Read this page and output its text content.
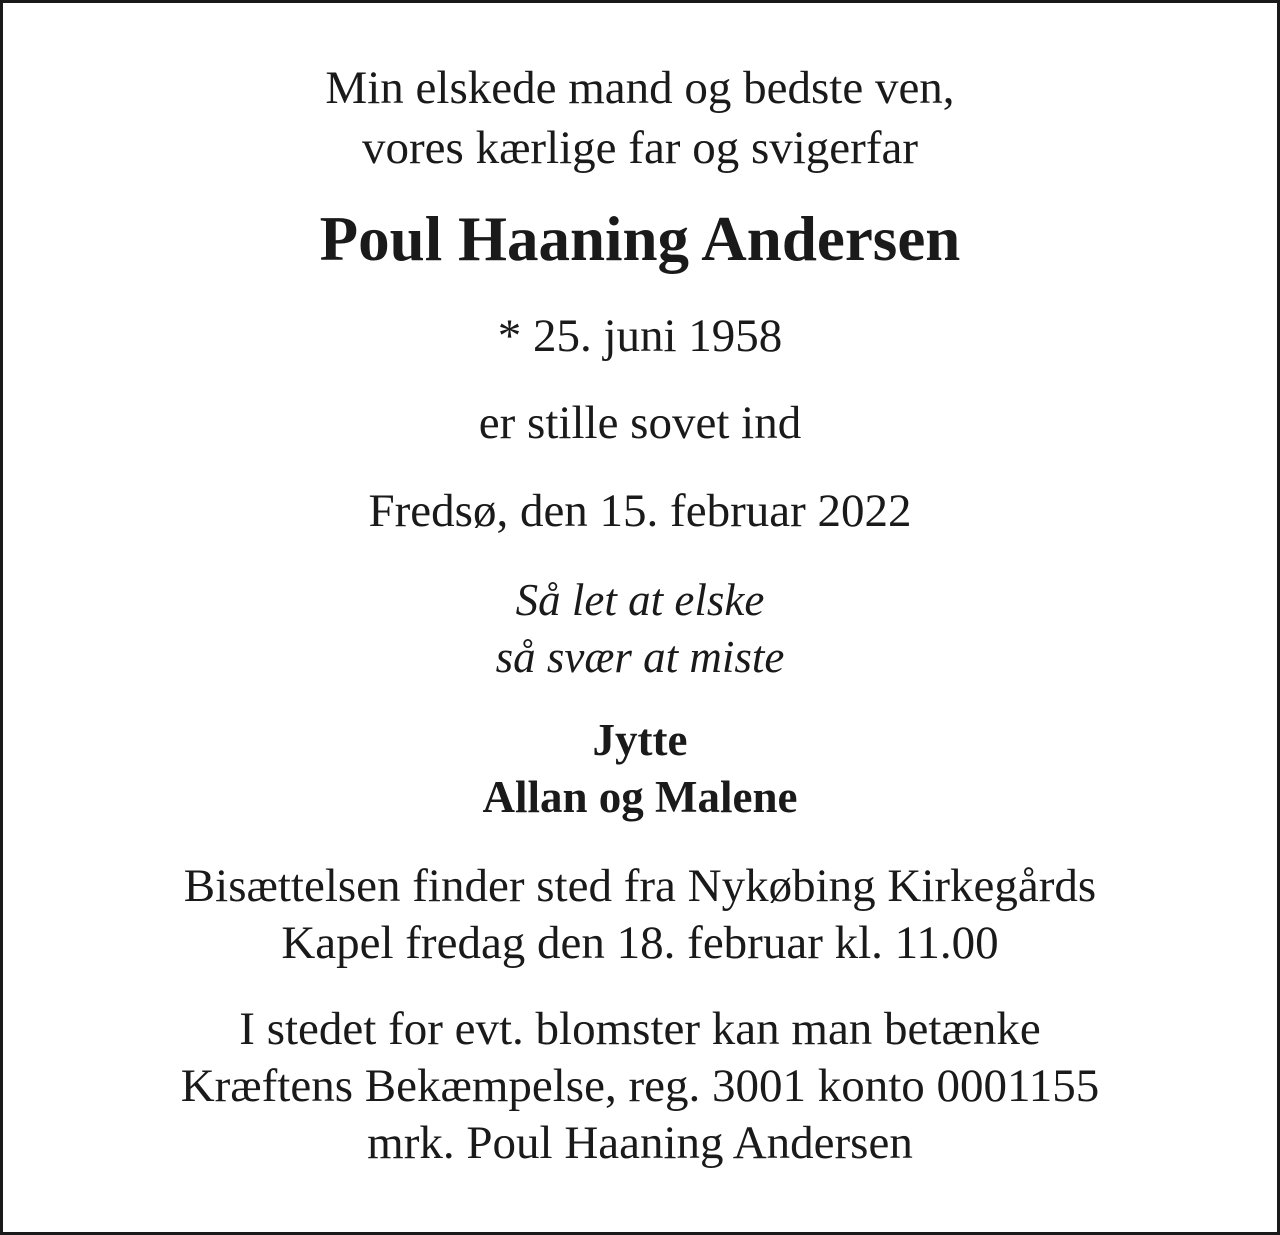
Min elskede mand og bedste ven,
vores kærlige far og svigerfar
Poul Haaning Andersen
* 25. juni 1958
er stille sovet ind
Fredsø, den 15. februar 2022
Så let at elske
så svær at miste
Jytte
Allan og Malene
Bisættelsen finder sted fra Nykøbing Kirkegårds
Kapel fredag den 18. februar kl. 11.00
I stedet for evt. blomster kan man betænke
Kræftens Bekæmpelse, reg. 3001 konto 0001155
mrk. Poul Haaning Andersen
